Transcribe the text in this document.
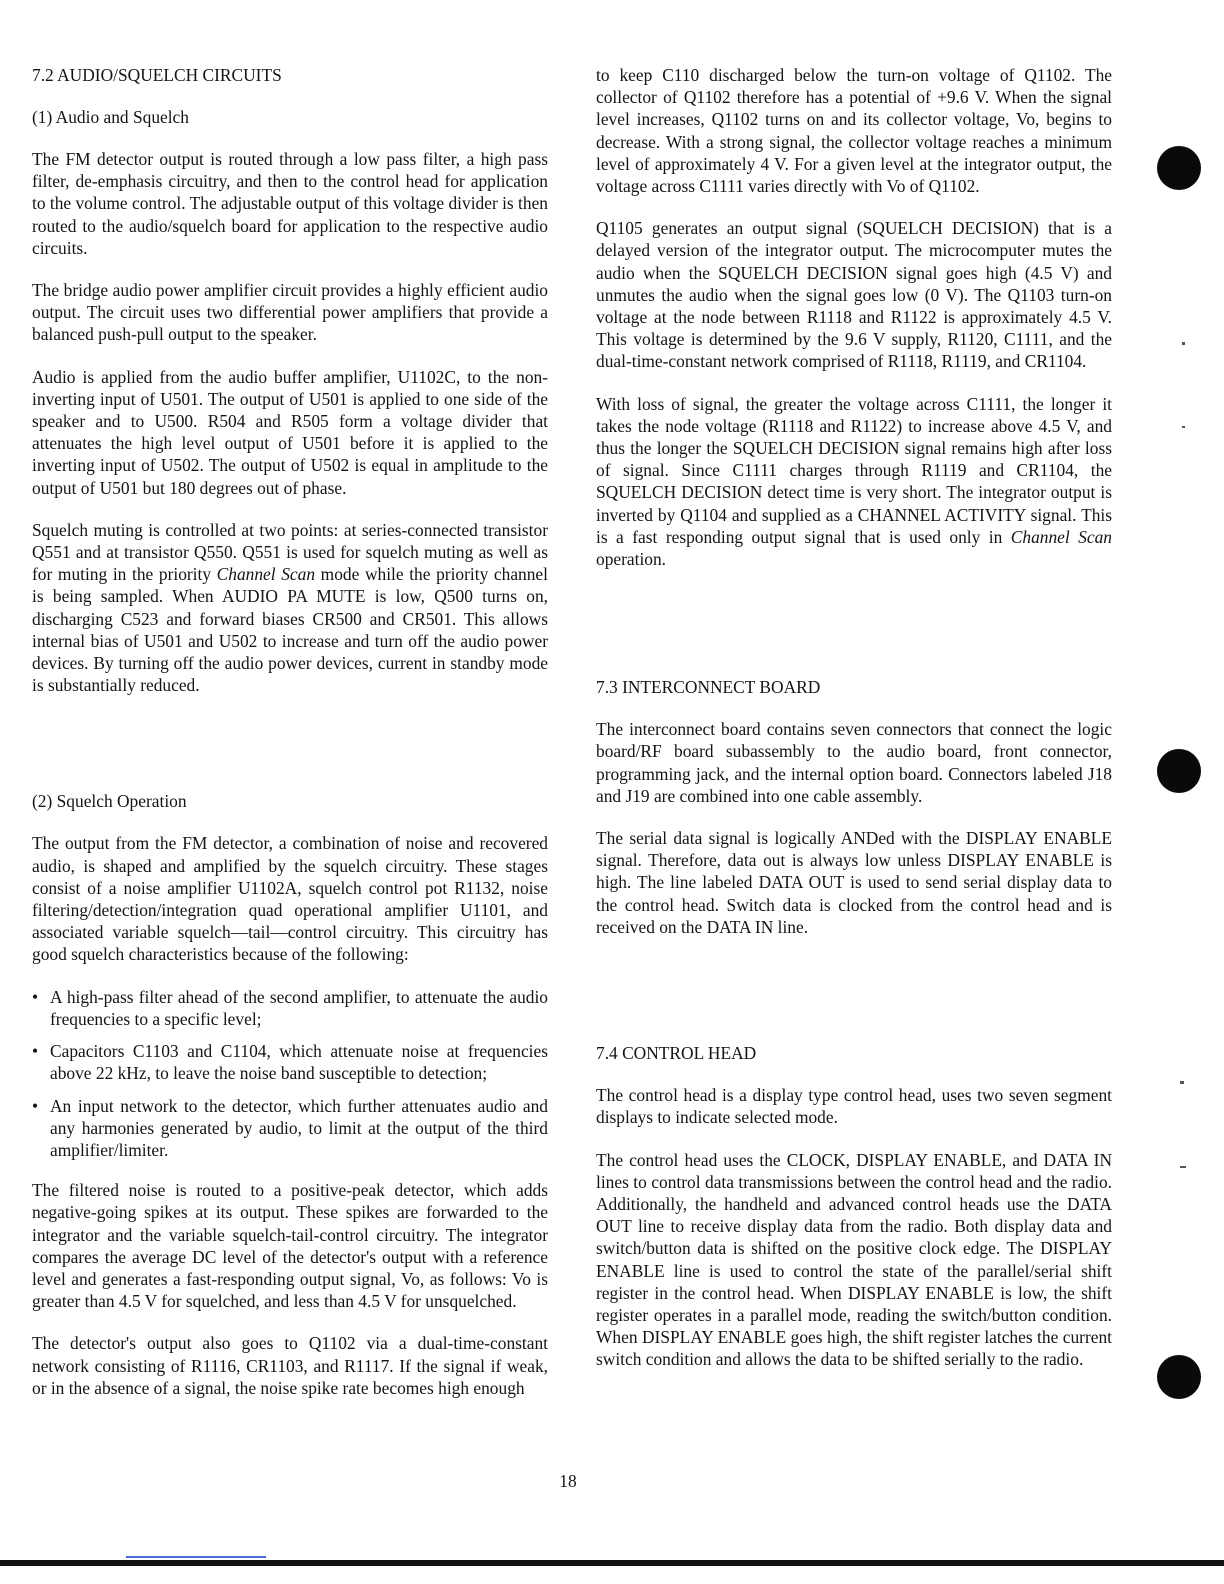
7.2 AUDIO/SQUELCH CIRCUITS
(1) Audio and Squelch

The FM detector output is routed through a low pass filter, a high pass filter, de-emphasis circuitry, and then to the control head for application to the volume control. The adjustable output of this voltage divider is then routed to the audio/squelch board for application to the respective audio circuits.

The bridge audio power amplifier circuit provides a highly efficient audio output. The circuit uses two differential power amplifiers that provide a balanced push-pull output to the speaker.

Audio is applied from the audio buffer amplifier, U1102C, to the non-inverting input of U501. The output of U501 is applied to one side of the speaker and to U500. R504 and R505 form a voltage divider that attenuates the high level output of U501 before it is applied to the inverting input of U502. The output of U502 is equal in amplitude to the output of U501 but 180 degrees out of phase.

Squelch muting is controlled at two points: at series-connected transistor Q551 and at transistor Q550. Q551 is used for squelch muting as well as for muting in the priority Channel Scan mode while the priority channel is being sampled. When AUDIO PA MUTE is low, Q500 turns on, discharging C523 and forward biases CR500 and CR501. This allows internal bias of U501 and U502 to increase and turn off the audio power devices. By turning off the audio power devices, current in standby mode is substantially reduced.

(2) Squelch Operation

The output from the FM detector, a combination of noise and recovered audio, is shaped and amplified by the squelch circuitry. These stages consist of a noise amplifier U1102A, squelch control pot R1132, noise filtering/detection/integration quad operational amplifier U1101, and associated variable squelch—tail—control circuitry. This circuitry has good squelch characteristics because of the following:

• A high-pass filter ahead of the second amplifier, to attenuate the audio frequencies to a specific level;
• Capacitors C1103 and C1104, which attenuate noise at frequencies above 22 kHz, to leave the noise band susceptible to detection;
• An input network to the detector, which further attenuates audio and any harmonies generated by audio, to limit at the output of the third amplifier/limiter.

The filtered noise is routed to a positive-peak detector, which adds negative-going spikes at its output. These spikes are forwarded to the integrator and the variable squelch-tail-control circuitry. The integrator compares the average DC level of the detector's output with a reference level and generates a fast-responding output signal, Vo, as follows: Vo is greater than 4.5 V for squelched, and less than 4.5 V for unsquelched.

The detector's output also goes to Q1102 via a dual-time-constant network consisting of R1116, CR1103, and R1117. If the signal if weak, or in the absence of a signal, the noise spike rate becomes high enough

to keep C110 discharged below the turn-on voltage of Q1102. The collector of Q1102 therefore has a potential of +9.6 V. When the signal level increases, Q1102 turns on and its collector voltage, Vo, begins to decrease. With a strong signal, the collector voltage reaches a minimum level of approximately 4 V. For a given level at the integrator output, the voltage across C1111 varies directly with Vo of Q1102.

Q1105 generates an output signal (SQUELCH DECISION) that is a delayed version of the integrator output. The microcomputer mutes the audio when the SQUELCH DECISION signal goes high (4.5 V) and unmutes the audio when the signal goes low (0 V). The Q1103 turn-on voltage at the node between R1118 and R1122 is approximately 4.5 V. This voltage is determined by the 9.6 V supply, R1120, C1111, and the dual-time-constant network comprised of R1118, R1119, and CR1104.

With loss of signal, the greater the voltage across C1111, the longer it takes the node voltage (R1118 and R1122) to increase above 4.5 V, and thus the longer the SQUELCH DECISION signal remains high after loss of signal. Since C1111 charges through R1119 and CR1104, the SQUELCH DECISION detect time is very short. The integrator output is inverted by Q1104 and supplied as a CHANNEL ACTIVITY signal. This is a fast responding output signal that is used only in Channel Scan operation.

7.3 INTERCONNECT BOARD

The interconnect board contains seven connectors that connect the logic board/RF board subassembly to the audio board, front connector, programming jack, and the internal option board. Connectors labeled J18 and J19 are combined into one cable assembly.

The serial data signal is logically ANDed with the DISPLAY ENABLE signal. Therefore, data out is always low unless DISPLAY ENABLE is high. The line labeled DATA OUT is used to send serial display data to the control head. Switch data is clocked from the control head and is received on the DATA IN line.

7.4 CONTROL HEAD

The control head is a display type control head, uses two seven segment displays to indicate selected mode.

The control head uses the CLOCK, DISPLAY ENABLE, and DATA IN lines to control data transmissions between the control head and the radio. Additionally, the handheld and advanced control heads use the DATA OUT line to receive display data from the radio. Both display data and switch/button data is shifted on the positive clock edge. The DISPLAY ENABLE line is used to control the state of the parallel/serial shift register in the control head. When DISPLAY ENABLE is low, the shift register operates in a parallel mode, reading the switch/button condition. When DISPLAY ENABLE goes high, the shift register latches the current switch condition and allows the data to be shifted serially to the radio.

18
